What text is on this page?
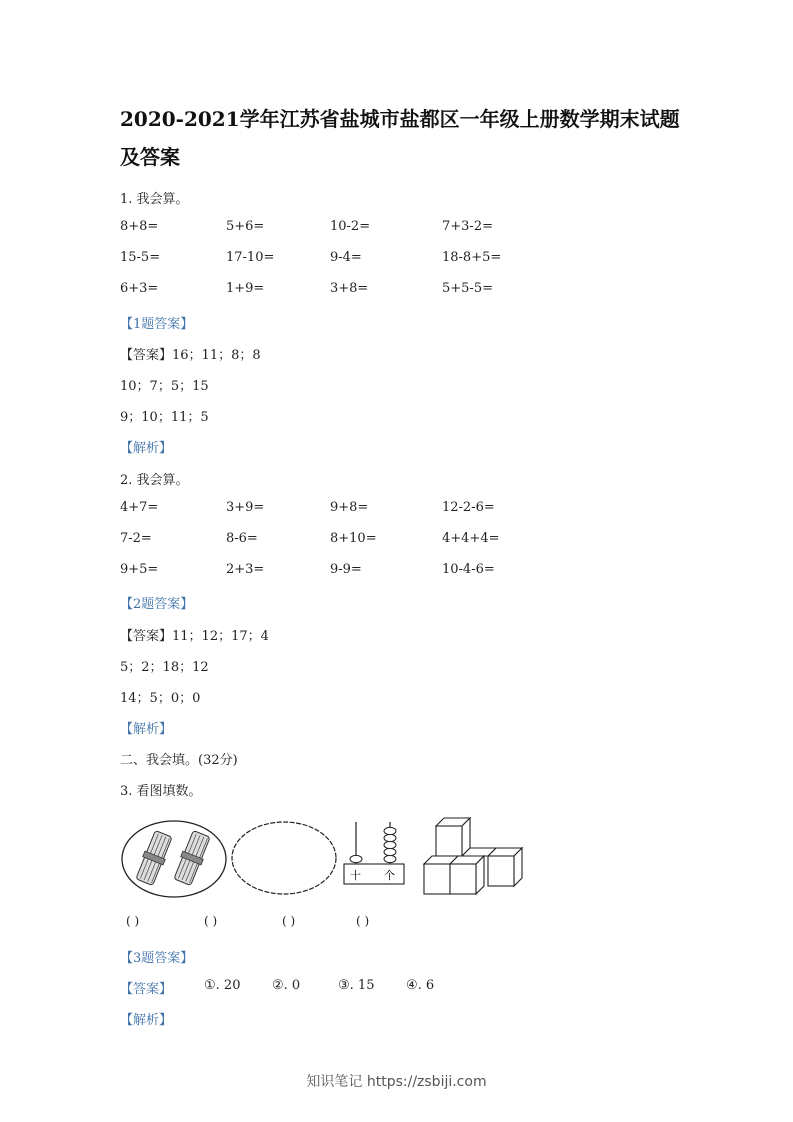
2020-2021学年江苏省盐城市盐都区一年级上册数学期末试题及答案
1. 我会算。
8+8=	5+6=	10-2=	7+3-2=
15-5=	17-10=	9-4=	18-8+5=
6+3=	1+9=	3+8=	5+5-5=
【1题答案】
【答案】16；11；8；8
10；7；5；15
9；10；11；5
【解析】
2. 我会算。
4+7=	3+9=	9+8=	12-2-6=
7-2=	8-6=	8+10=	4+4+4=
9+5=	2+3=	9-9=	10-4-6=
【2题答案】
【答案】11；12；17；4
5；2；18；12
14；5；0；0
【解析】
二、我会填。(32分)
3. 看图填数。
十 个
( )	( )	( )	( )
【3题答案】
【答案】 ①. 20 ②. 0	③. 15 ④. 6
【解析】
知识笔记 https://zsbiji.com
